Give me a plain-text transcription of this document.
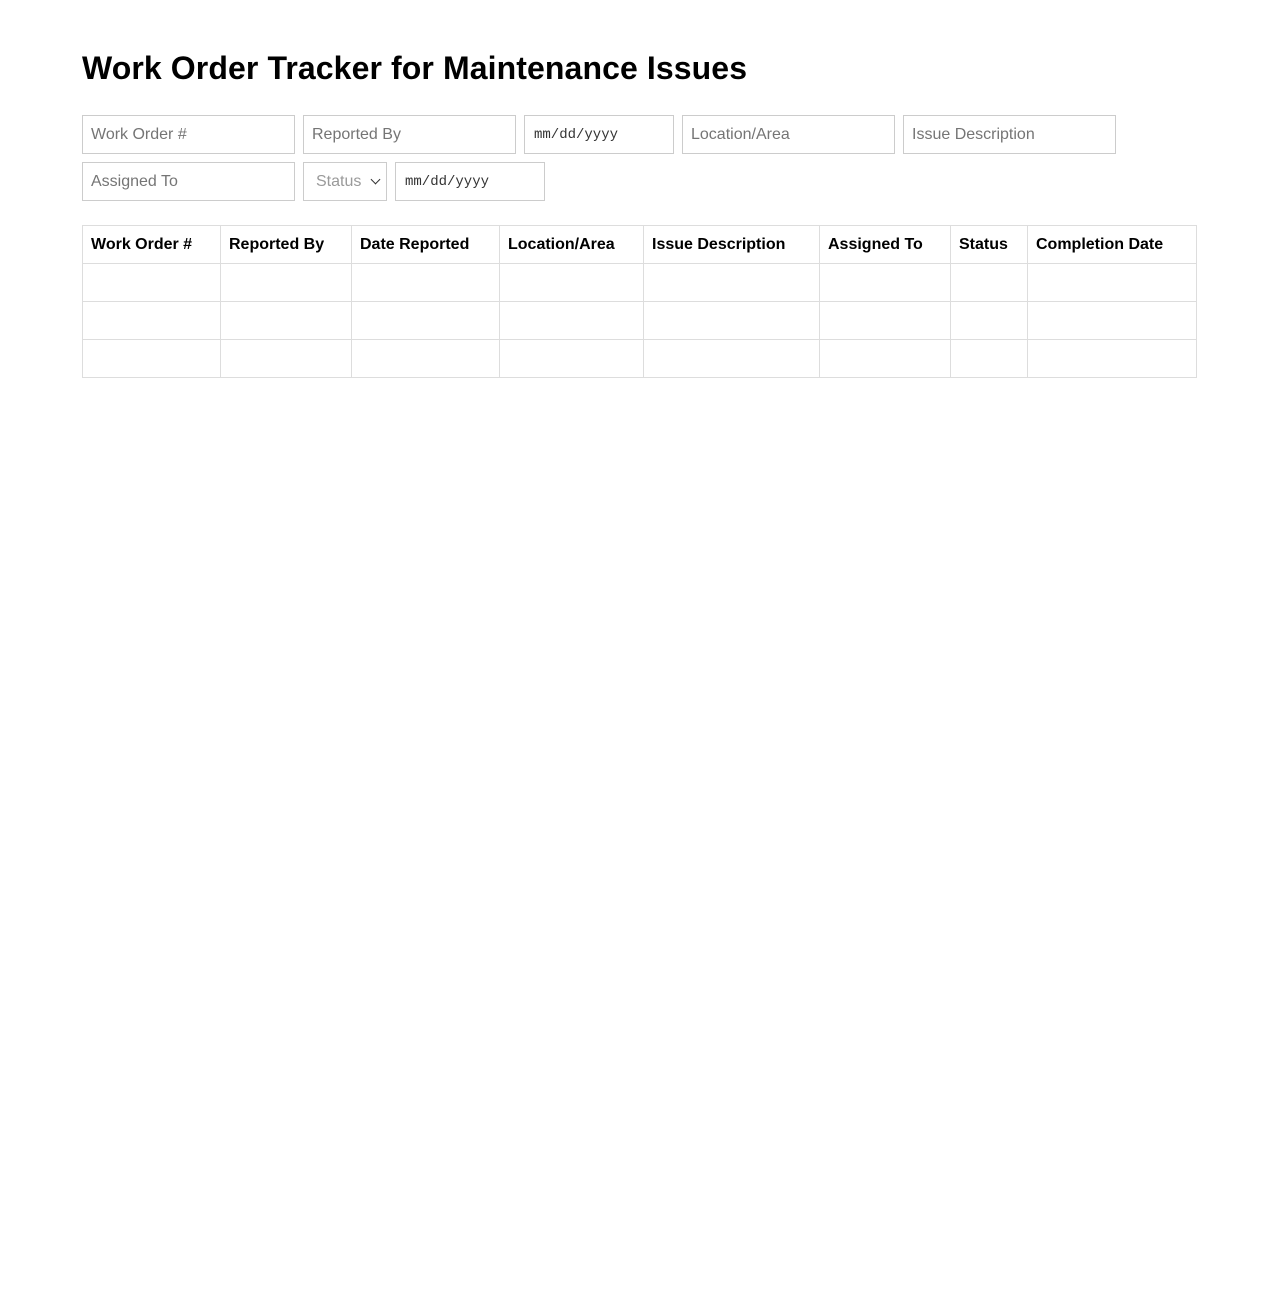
Work Order Tracker for Maintenance Issues
Work Order #	Reported By	mm/dd/yyyy	Location/Area	Issue Description
Assigned To	Status	mm/dd/yyyy
Work Order #	Reported By	Date Reported	Location/Area	Issue Description	Assigned To	Status	Completion Date
